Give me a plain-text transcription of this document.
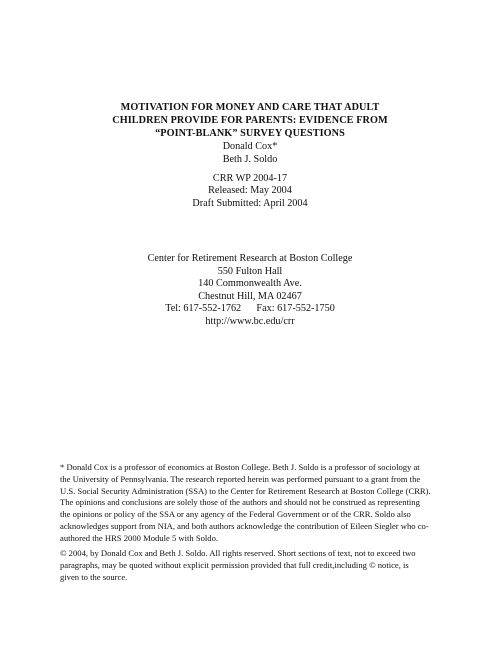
MOTIVATION FOR MONEY AND CARE THAT ADULT
CHILDREN PROVIDE FOR PARENTS: EVIDENCE FROM
“POINT-BLANK” SURVEY QUESTIONS
Donald Cox*
Beth J. Soldo
CRR WP 2004-17
Released: May 2004
Draft Submitted: April 2004
Center for Retirement Research at Boston College
550 Fulton Hall
140 Commonwealth Ave.
Chestnut Hill, MA 02467
Tel: 617-552-1762      Fax: 617-552-1750
http://www.bc.edu/crr
* Donald Cox is a professor of economics at Boston College. Beth J. Soldo is a professor of sociology at
the University of Pennsylvania. The research reported herein was performed pursuant to a grant from the
U.S. Social Security Administration (SSA) to the Center for Retirement Research at Boston College (CRR).
The opinions and conclusions are solely those of the authors and should not be construed as representing
the opinions or policy of the SSA or any agency of the Federal Government or of the CRR. Soldo also
acknowledges support from NIA, and both authors acknowledge the contribution of Eileen Siegler who co-
authored the HRS 2000 Module 5 with Soldo.
© 2004, by Donald Cox and Beth J. Soldo. All rights reserved. Short sections of text, not to exceed two
paragraphs, may be quoted without explicit permission provided that full credit,including © notice, is
given to the source.
